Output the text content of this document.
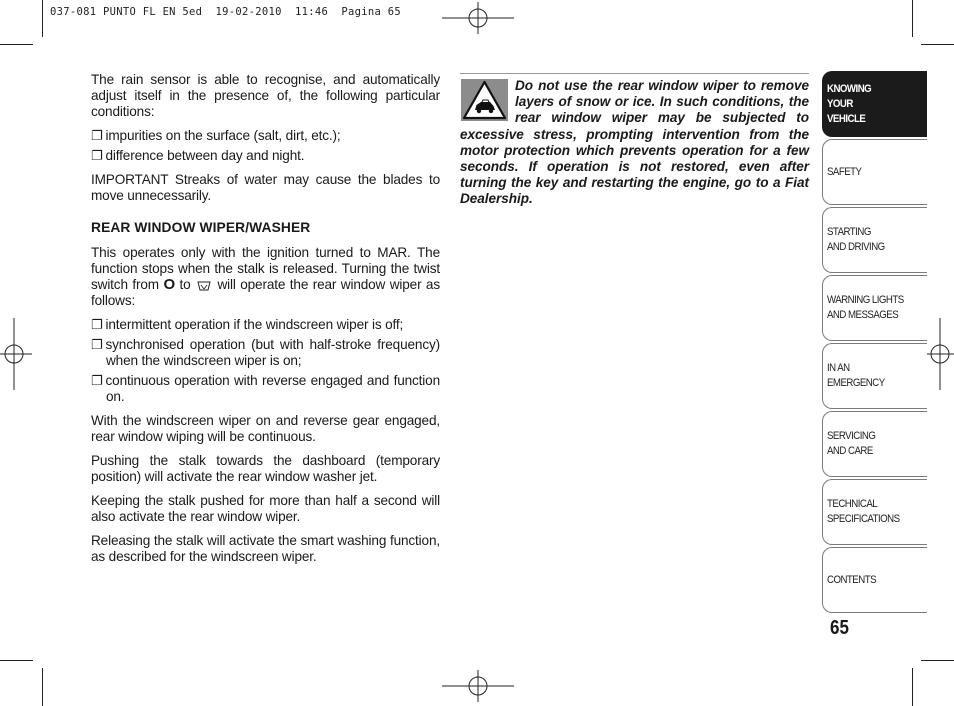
037-081 PUNTO FL EN 5ed  19-02-2010  11:46  Pagina 65

The rain sensor is able to recognise, and automatically adjust itself in the presence of, the following particular conditions:

❐ impurities on the surface (salt, dirt, etc.);
❐ difference between day and night.

IMPORTANT Streaks of water may cause the blades to move unnecessarily.

REAR WINDOW WIPER/WASHER

This operates only with the ignition turned to MAR. The function stops when the stalk is released. Turning the twist switch from O to  will operate the rear window wiper as follows:

❐ intermittent operation if the windscreen wiper is off;
❐ synchronised operation (but with half-stroke frequency) when the windscreen wiper is on;
❐ continuous operation with reverse engaged and function on.

With the windscreen wiper on and reverse gear engaged, rear window wiping will be continuous.

Pushing the stalk towards the dashboard (temporary position) will activate the rear window washer jet.

Keeping the stalk pushed for more than half a second will also activate the rear window wiper.

Releasing the stalk will activate the smart washing function, as described for the windscreen wiper.

Do not use the rear window wiper to remove layers of snow or ice. In such conditions, the rear window wiper may be subjected to excessive stress, prompting intervention from the motor protection which prevents operation for a few seconds. If operation is not restored, even after turning the key and restarting the engine, go to a Fiat Dealership.
KNOWING
YOUR
VEHICLE
SAFETY
STARTING
AND DRIVING
WARNING LIGHTS
AND MESSAGES
IN AN
EMERGENCY
SERVICING
AND CARE
TECHNICAL
SPECIFICATIONS
CONTENTS
65
